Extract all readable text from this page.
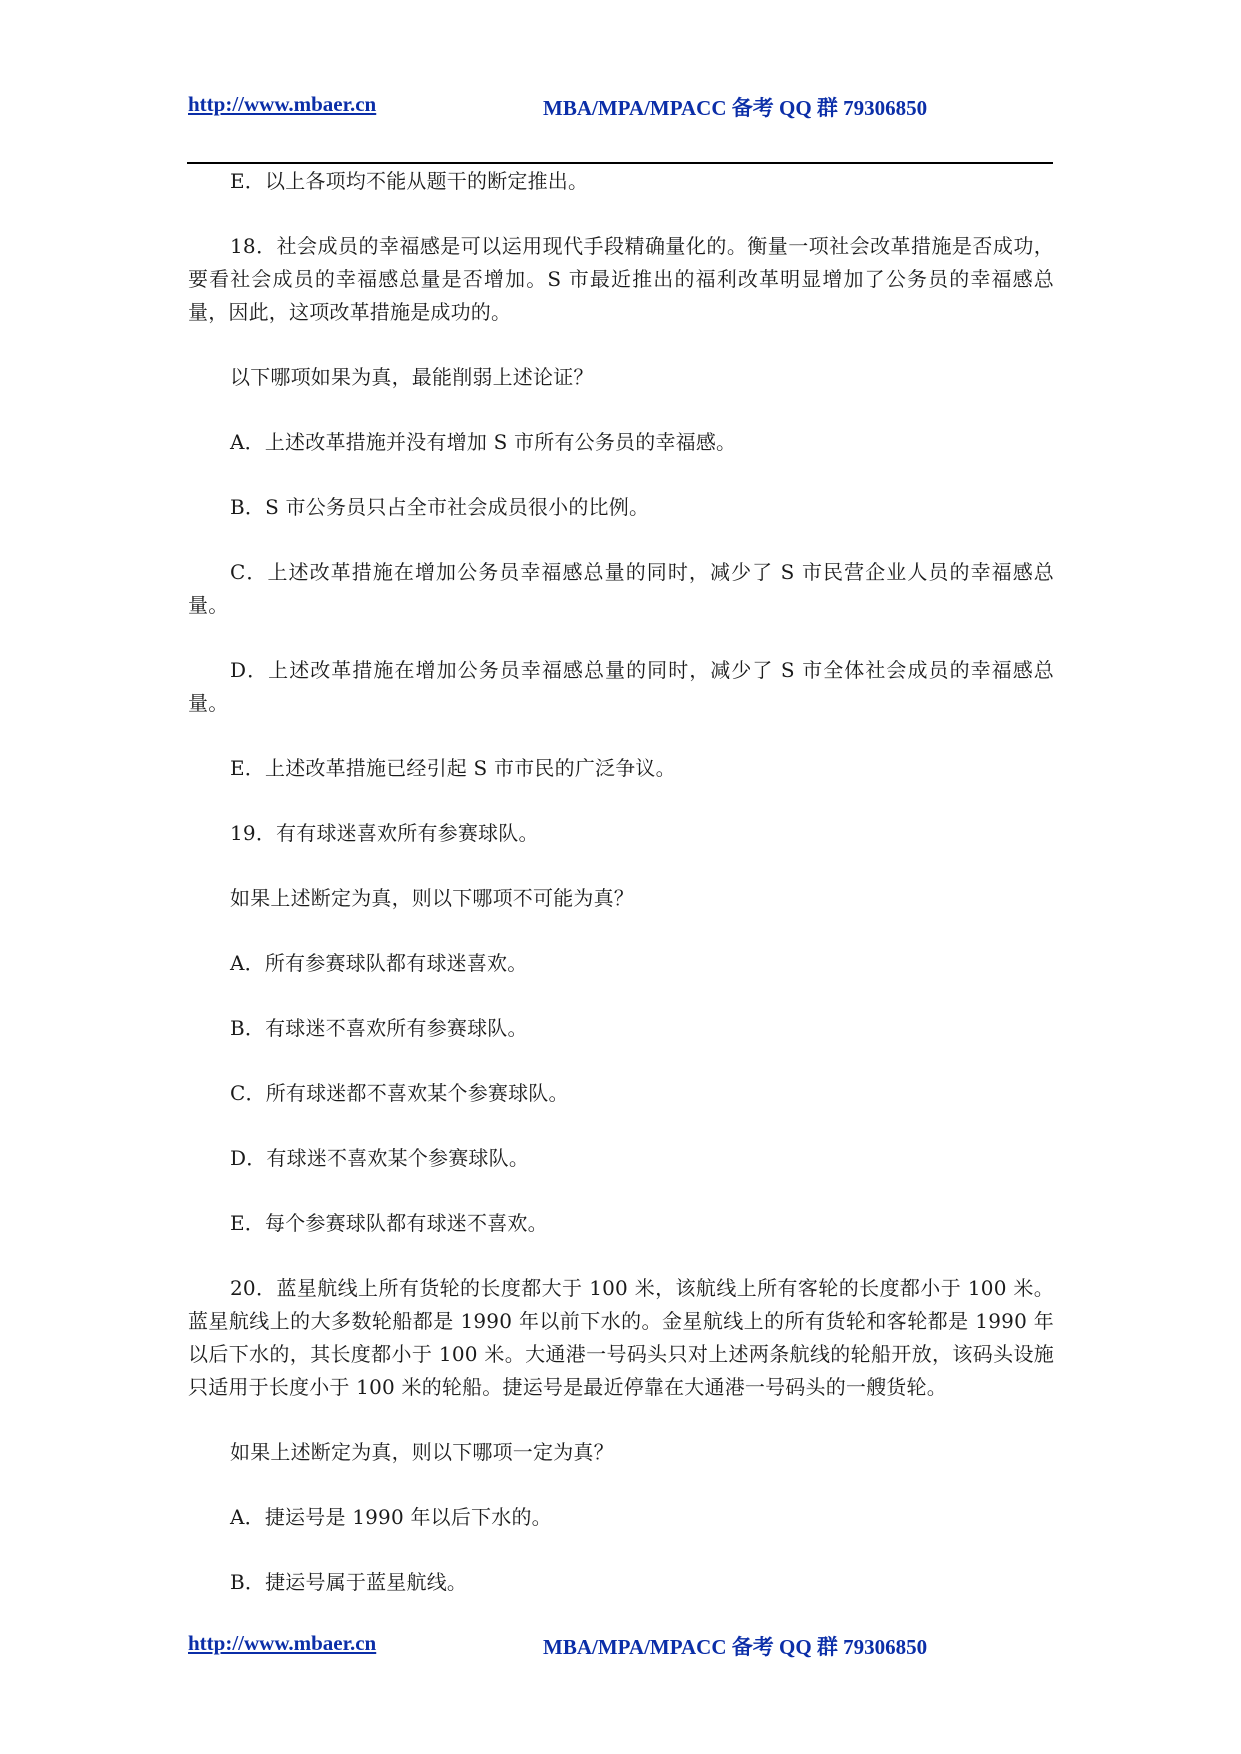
http://www.mbaer.cn	MBA/MPA/MPACC 备考 QQ 群 79306850

E．以上各项均不能从题干的断定推出。

18．社会成员的幸福感是可以运用现代手段精确量化的。衡量一项社会改革措施是否成功，要看社会成员的幸福感总量是否增加。S 市最近推出的福利改革明显增加了公务员的幸福感总量，因此，这项改革措施是成功的。

以下哪项如果为真，最能削弱上述论证？

A．上述改革措施并没有增加 S 市所有公务员的幸福感。

B．S 市公务员只占全市社会成员很小的比例。

C．上述改革措施在增加公务员幸福感总量的同时，减少了 S 市民营企业人员的幸福感总量。

D．上述改革措施在增加公务员幸福感总量的同时，减少了 S 市全体社会成员的幸福感总量。

E．上述改革措施已经引起 S 市市民的广泛争议。

19．有有球迷喜欢所有参赛球队。

如果上述断定为真，则以下哪项不可能为真？

A．所有参赛球队都有球迷喜欢。

B．有球迷不喜欢所有参赛球队。

C．所有球迷都不喜欢某个参赛球队。

D．有球迷不喜欢某个参赛球队。

E．每个参赛球队都有球迷不喜欢。

20．蓝星航线上所有货轮的长度都大于 100 米，该航线上所有客轮的长度都小于 100 米。蓝星航线上的大多数轮船都是 1990 年以前下水的。金星航线上的所有货轮和客轮都是 1990 年以后下水的，其长度都小于 100 米。大通港一号码头只对上述两条航线的轮船开放，该码头设施只适用于长度小于 100 米的轮船。捷运号是最近停靠在大通港一号码头的一艘货轮。

如果上述断定为真，则以下哪项一定为真？

A．捷运号是 1990 年以后下水的。

B．捷运号属于蓝星航线。

http://www.mbaer.cn	MBA/MPA/MPACC 备考 QQ 群 79306850
